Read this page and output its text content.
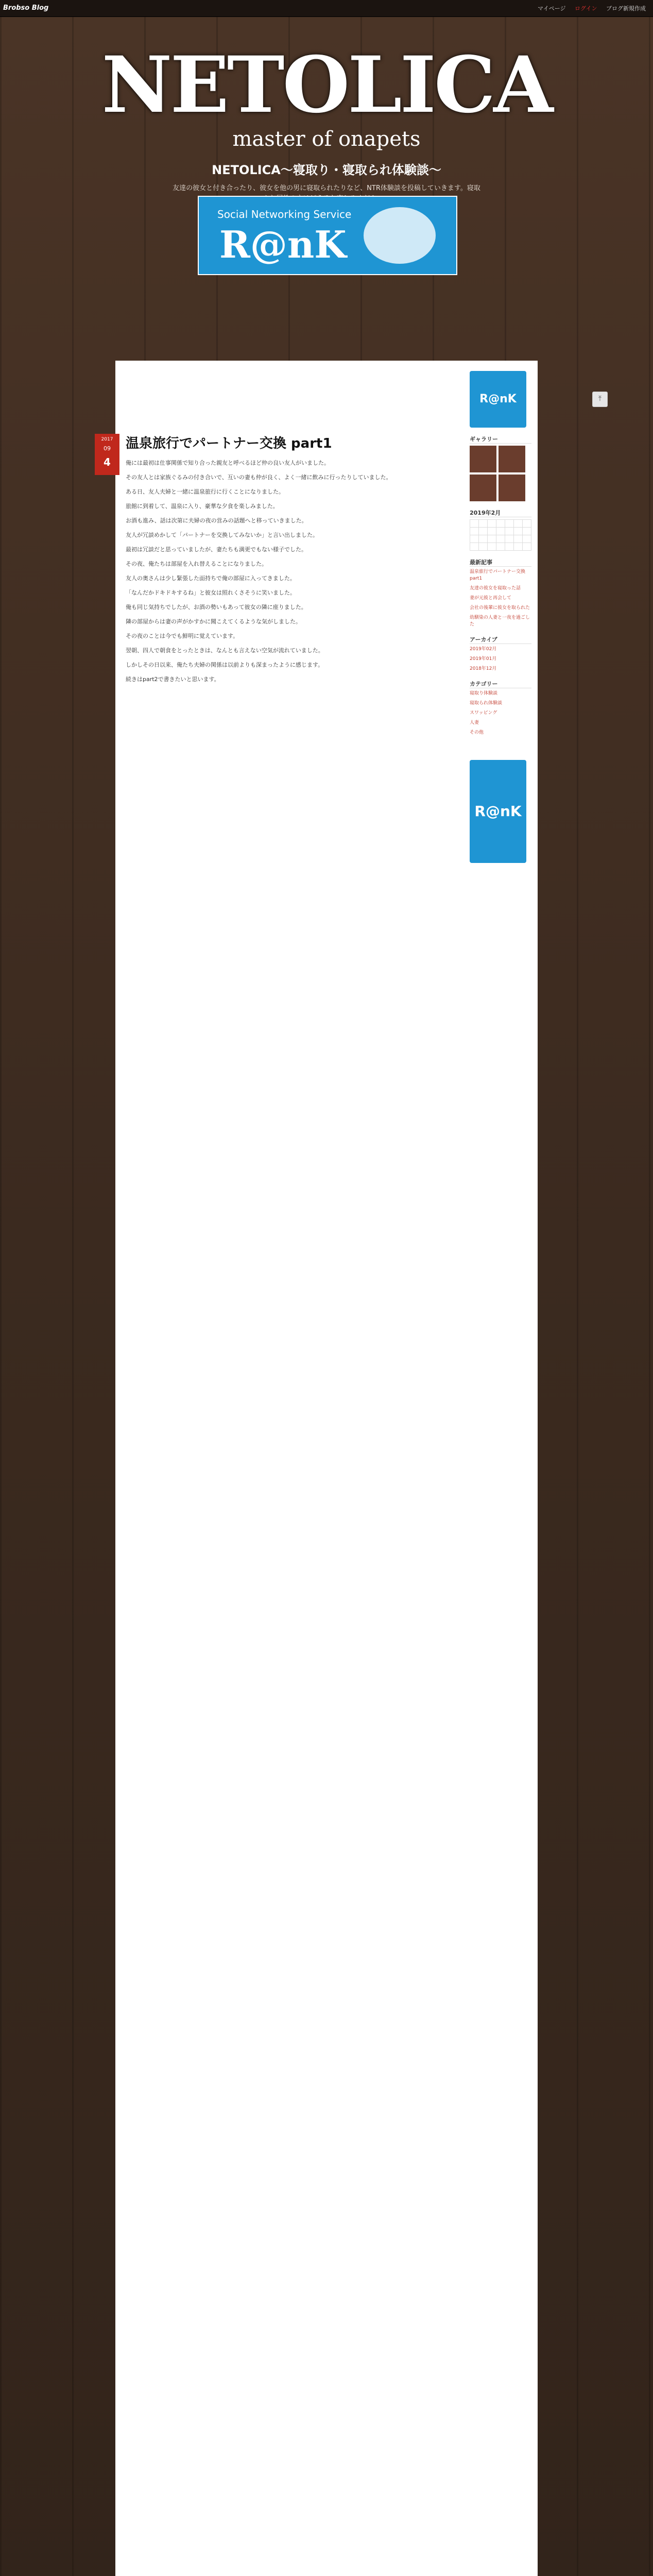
Brobso Blog	マイページ ログイン ブログ新規作成
NETOLICA
master of onapets
NETOLICA〜寝取り・寝取られ体験談〜
友達の彼女と付き合ったり、彼女を他の男に寝取られたりなど、NTR体験談を投稿していきます。寝取
Social Networking Service
R@nK
2017
09
4
温泉旅行でパートナー交換 part1

俺には最初は仕事関係で知り合った親友と呼べるほど仲の良い友人がいました。

その友人とは家族ぐるみの付き合いで、互いの妻も仲が良く、よく一緒に飲みに行ったりしていました。

ある日、友人夫婦と一緒に温泉旅行に行くことになりました。

旅館に到着して、温泉に入り、豪華な夕食を楽しみました。

お酒も進み、話は次第に夫婦の夜の営みの話題へと移っていきました。

友人が冗談めかして「パートナーを交換してみないか」と言い出しました。

最初は冗談だと思っていましたが、妻たちも満更でもない様子でした。

その夜、俺たちは部屋を入れ替えることになりました。

友人の奥さんは少し緊張した面持ちで俺の部屋に入ってきました。

「なんだかドキドキするね」と彼女は照れくさそうに笑いました。

俺も同じ気持ちでしたが、お酒の勢いもあって彼女の隣に座りました。

隣の部屋からは妻の声がかすかに聞こえてくるような気がしました。

その夜のことは今でも鮮明に覚えています。

翌朝、四人で朝食をとったときは、なんとも言えない空気が流れていました。

しかしその日以来、俺たち夫婦の関係は以前よりも深まったように感じます。

続きはpart2で書きたいと思います。

R@nK
ギャラリー
2019年2月

最新記事
温泉旅行でパートナー交換 part1
友達の彼女を寝取った話
妻が元彼と再会して
会社の後輩に彼女を取られた
幼馴染の人妻と一夜を過ごした
アーカイブ
2019年02月
2019年01月
2018年12月
カテゴリー
寝取り体験談
寝取られ体験談
スワッピング
人妻
その他
R@nK
⤒
